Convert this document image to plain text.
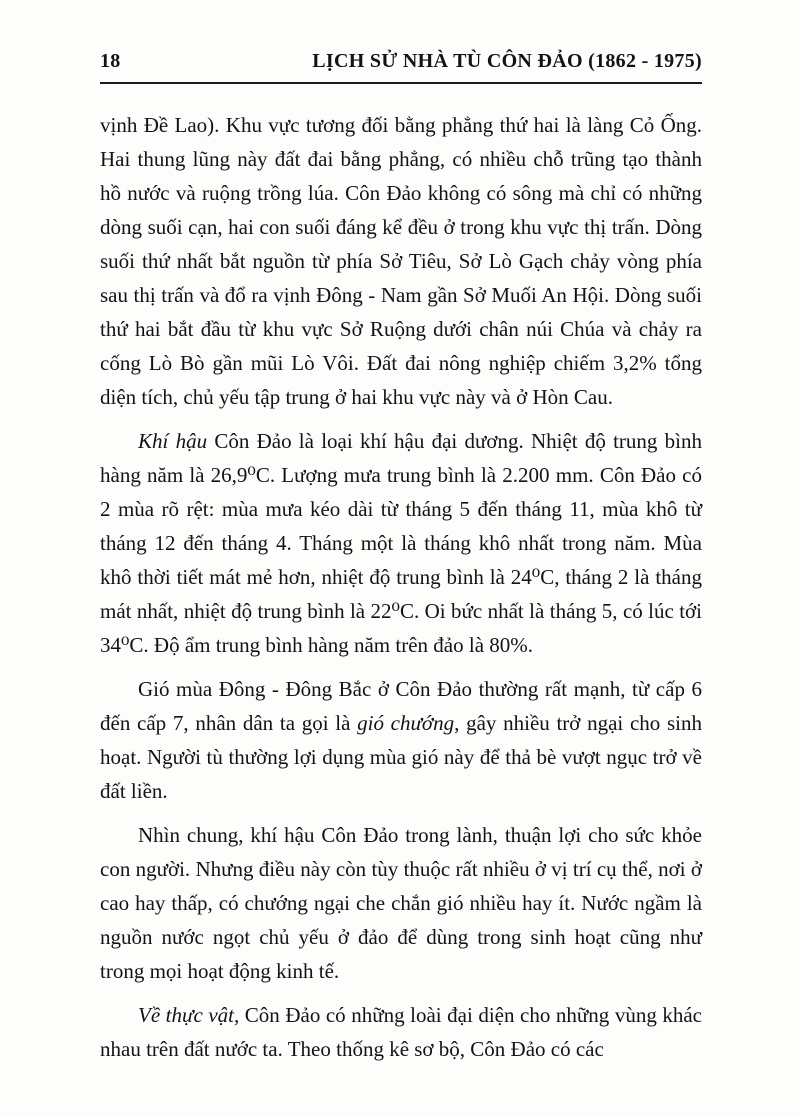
18	LỊCH SỬ NHÀ TÙ CÔN ĐẢO (1862 - 1975)

vịnh Đề Lao). Khu vực tương đối bằng phẳng thứ hai là làng Cỏ Ống. Hai thung lũng này đất đai bằng phẳng, có nhiều chỗ trũng tạo thành hồ nước và ruộng trồng lúa. Côn Đảo không có sông mà chỉ có những dòng suối cạn, hai con suối đáng kể đều ở trong khu vực thị trấn. Dòng suối thứ nhất bắt nguồn từ phía Sở Tiêu, Sở Lò Gạch chảy vòng phía sau thị trấn và đổ ra vịnh Đông - Nam gần Sở Muối An Hội. Dòng suối thứ hai bắt đầu từ khu vực Sở Ruộng dưới chân núi Chúa và chảy ra cống Lò Bò gần mũi Lò Vôi. Đất đai nông nghiệp chiếm 3,2% tổng diện tích, chủ yếu tập trung ở hai khu vực này và ở Hòn Cau.

Khí hậu Côn Đảo là loại khí hậu đại dương. Nhiệt độ trung bình hàng năm là 26,9⁰C. Lượng mưa trung bình là 2.200 mm. Côn Đảo có 2 mùa rõ rệt: mùa mưa kéo dài từ tháng 5 đến tháng 11, mùa khô từ tháng 12 đến tháng 4. Tháng một là tháng khô nhất trong năm. Mùa khô thời tiết mát mẻ hơn, nhiệt độ trung bình là 24⁰C, tháng 2 là tháng mát nhất, nhiệt độ trung bình là 22⁰C. Oi bức nhất là tháng 5, có lúc tới 34⁰C. Độ ẩm trung bình hàng năm trên đảo là 80%.

Gió mùa Đông - Đông Bắc ở Côn Đảo thường rất mạnh, từ cấp 6 đến cấp 7, nhân dân ta gọi là gió chướng, gây nhiều trở ngại cho sinh hoạt. Người tù thường lợi dụng mùa gió này để thả bè vượt ngục trở về đất liền.

Nhìn chung, khí hậu Côn Đảo trong lành, thuận lợi cho sức khỏe con người. Nhưng điều này còn tùy thuộc rất nhiều ở vị trí cụ thể, nơi ở cao hay thấp, có chướng ngại che chắn gió nhiều hay ít. Nước ngầm là nguồn nước ngọt chủ yếu ở đảo để dùng trong sinh hoạt cũng như trong mọi hoạt động kinh tế.

Về thực vật, Côn Đảo có những loài đại diện cho những vùng khác nhau trên đất nước ta. Theo thống kê sơ bộ, Côn Đảo có các
